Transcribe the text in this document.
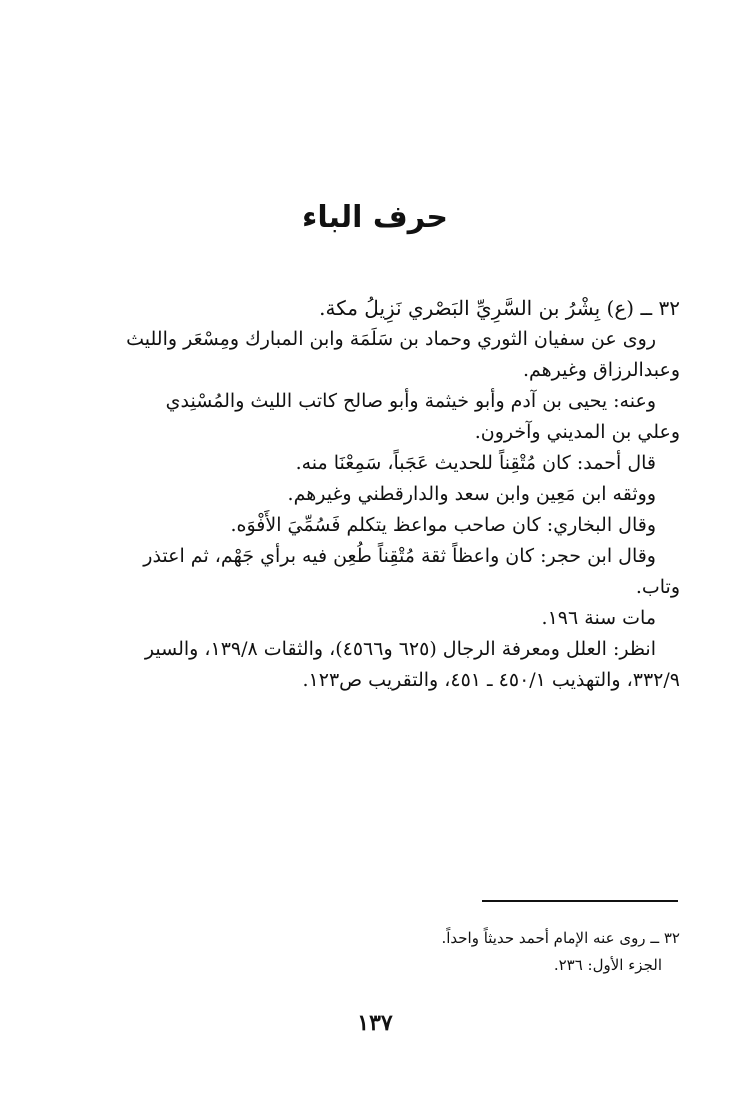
حرف الباء

٣٢ ــ (ع) بِشْرُ بن السَّرِيِّ البَصْري نَزِيلُ مكة.

روى عن سفيان الثوري وحماد بن سَلَمَة وابن المبارك ومِسْعَر والليث

وعبدالرزاق وغيرهم.

وعنه: يحيى بن آدم وأبو خيثمة وأبو صالح كاتب الليث والمُسْنِدي

وعلي بن المديني وآخرون.

قال أحمد: كان مُتْقِناً للحديث عَجَباً، سَمِعْنَا منه.

ووثقه ابن مَعِين وابن سعد والدارقطني وغيرهم.

وقال البخاري: كان صاحب مواعظ يتكلم فَسُمِّيَ الأَفْوَه.

وقال ابن حجر: كان واعظاً ثقة مُتْقِناً طُعِن فيه برأي جَهْم، ثم اعتذر

وتاب.

مات سنة ١٩٦.

انظر: العلل ومعرفة الرجال (٦٢٥ و٤٥٦٦)، والثقات ١٣٩/٨، والسير

٣٣٢/٩، والتهذيب ٤٥٠/١ ـ ٤٥١، والتقريب ص١٢٣.

٣٢ ــ روى عنه الإمام أحمد حديثاً واحداً.

الجزء الأول: ٢٣٦.

١٣٧
